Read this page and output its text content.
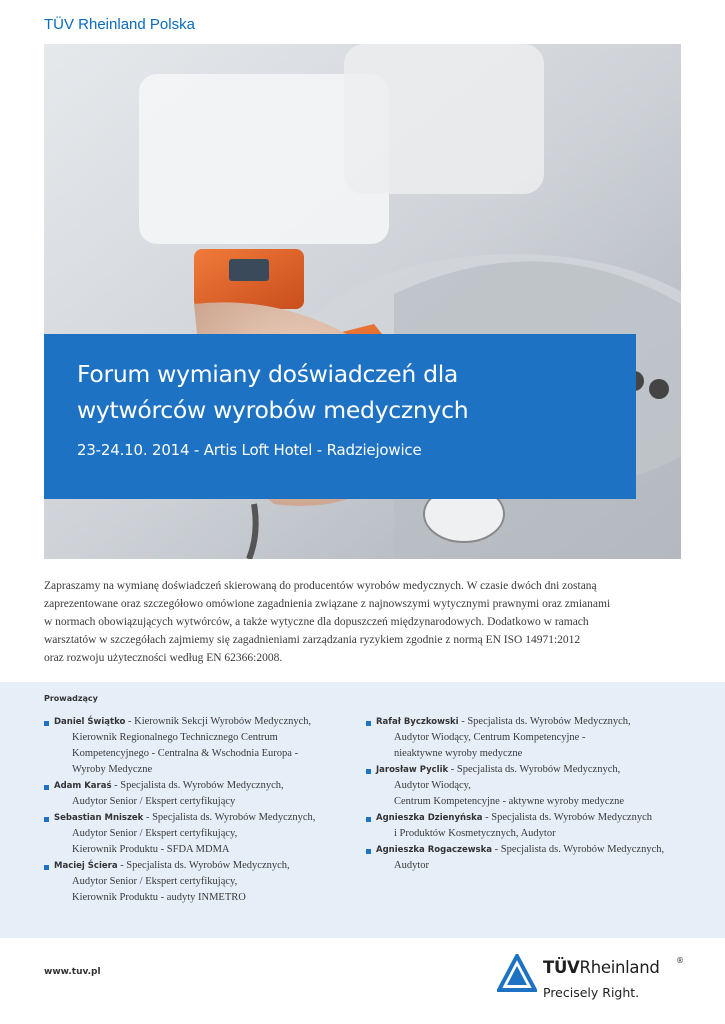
TÜV Rheinland Polska
Forum wymiany doświadczeń dla
wytwórców wyrobów medycznych
23-24.10. 2014 - Artis Loft Hotel - Radziejowice
Zapraszamy na wymianę doświadczeń skierowaną do producentów wyrobów medycznych. W czasie dwóch dni zostaną
zaprezentowane oraz szczegółowo omówione zagadnienia związane z najnowszymi wytycznymi prawnymi oraz zmianami
w normach obowiązujących wytwórców, a także wytyczne dla dopuszczeń międzynarodowych. Dodatkowo w ramach
warsztatów w szczegółach zajmiemy się zagadnieniami zarządzania ryzykiem zgodnie z normą EN ISO 14971:2012
oraz rozwoju użyteczności według EN 62366:2008.
Prowadzący
Daniel Świątko - Kierownik Sekcji Wyrobów Medycznych,
Kierownik Regionalnego Technicznego Centrum
Kompetencyjnego - Centralna & Wschodnia Europa -
Wyroby Medyczne
Adam Karaś - Specjalista ds. Wyrobów Medycznych,
Audytor Senior / Ekspert certyfikujący
Sebastian Mniszek - Specjalista ds. Wyrobów Medycznych,
Audytor Senior / Ekspert certyfikujący,
Kierownik Produktu - SFDA MDMA
Maciej Ściera - Specjalista ds. Wyrobów Medycznych,
Audytor Senior / Ekspert certyfikujący,
Kierownik Produktu - audyty INMETRO
Rafał Byczkowski - Specjalista ds. Wyrobów Medycznych,
Audytor Wiodący, Centrum Kompetencyjne -
nieaktywne wyroby medyczne
Jarosław Pyclik - Specjalista ds. Wyrobów Medycznych,
Audytor Wiodący,
Centrum Kompetencyjne - aktywne wyroby medyczne
Agnieszka Dzienyńska - Specjalista ds. Wyrobów Medycznych
i Produktów Kosmetycznych, Audytor
Agnieszka Rogaczewska - Specjalista ds. Wyrobów Medycznych,
Audytor
www.tuv.pl	TÜVRheinland ®
Precisely Right.
